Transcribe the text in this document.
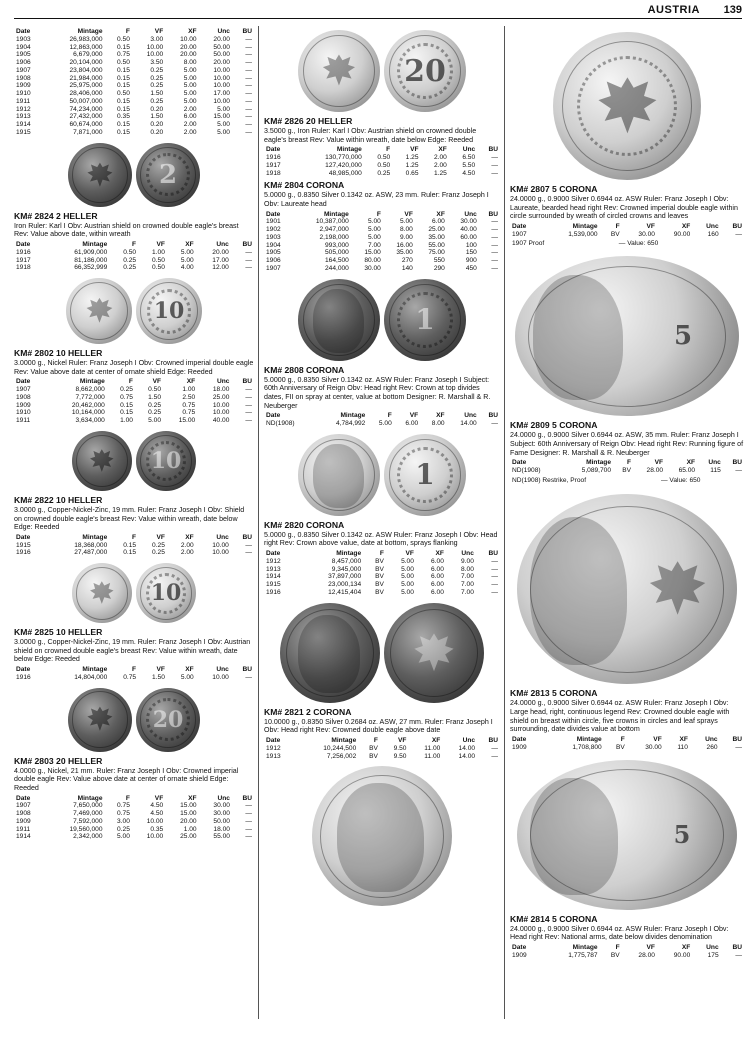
AUSTRIA 139
Date	Mintage	F	VF	XF	Unc	BU
1903	26,983,000	0.50	3.00	10.00	20.00	—
1904	12,863,000	0.15	10.00	20.00	50.00	—
1905	6,679,000	0.75	10.00	20.00	50.00	—
1906	20,104,000	0.50	3.50	8.00	20.00	—
1907	23,804,000	0.15	0.25	5.00	10.00	—
1908	21,984,000	0.15	0.25	5.00	10.00	—
1909	25,975,000	0.15	0.25	5.00	10.00	—
1910	28,406,000	0.50	1.50	5.00	17.00	—
1911	50,007,000	0.15	0.25	5.00	10.00	—
1912	74,234,000	0.15	0.20	2.00	5.00	—
1913	27,432,000	0.35	1.50	6.00	15.00	—
1914	60,674,000	0.15	0.20	2.00	5.00	—
1915	7,871,000	0.15	0.20	2.00	5.00	—
2
KM# 2824 2 HELLER
Iron Ruler: Karl I Obv: Austrian shield on crowned double eagle's breast Rev: Value above date, within wreath
Date	Mintage	F	VF	XF	Unc	BU
1916	61,909,000	0.50	1.00	5.00	20.00	—
1917	81,186,000	0.25	0.50	5.00	17.00	—
1918	66,352,999	0.25	0.50	4.00	12.00	—
10
KM# 2802 10 HELLER
3.0000 g., Nickel Ruler: Franz Joseph I Obv: Crowned imperial double eagle Rev: Value above date at center of ornate shield Edge: Reeded
Date	Mintage	F	VF	XF	Unc	BU
1907	8,662,000	0.25	0.50	1.00	18.00	—
1908	7,772,000	0.75	1.50	2.50	25.00	—
1909	20,462,000	0.15	0.25	0.75	10.00	—
1910	10,164,000	0.15	0.25	0.75	10.00	—
1911	3,634,000	1.00	5.00	15.00	40.00	—
10
KM# 2822 10 HELLER
3.0000 g., Copper-Nickel-Zinc, 19 mm. Ruler: Franz Joseph I Obv: Shield on crowned double eagle's breast Rev: Value within wreath, date below Edge: Reeded
Date	Mintage	F	VF	XF	Unc	BU
1915	18,368,000	0.15	0.25	2.00	10.00	—
1916	27,487,000	0.15	0.25	2.00	10.00	—
10
KM# 2825 10 HELLER
3.0000 g., Copper-Nickel-Zinc, 19 mm. Ruler: Franz Joseph I Obv: Austrian shield on crowned double eagle's breast Rev: Value within wreath, date below Edge: Reeded
Date	Mintage	F	VF	XF	Unc	BU
1916	14,804,000	0.75	1.50	5.00	10.00	—
20
KM# 2803 20 HELLER
4.0000 g., Nickel, 21 mm. Ruler: Franz Joseph I Obv: Crowned imperial double eagle Rev: Value above date at center of ornate shield Edge: Reeded
Date	Mintage	F	VF	XF	Unc	BU
1907	7,650,000	0.75	4.50	15.00	30.00	—
1908	7,469,000	0.75	4.50	15.00	30.00	—
1909	7,592,000	3.00	10.00	20.00	50.00	—
1911	19,560,000	0.25	0.35	1.00	18.00	—
1914	2,342,000	5.00	10.00	25.00	55.00	—
20
KM# 2826 20 HELLER
3.5000 g., Iron Ruler: Karl I Obv: Austrian shield on crowned double eagle's breast Rev: Value within wreath, date below Edge: Reeded
Date	Mintage	F	VF	XF	Unc	BU
1916	130,770,000	0.50	1.25	2.00	6.50	—
1917	127,420,000	0.50	1.25	2.00	5.50	—
1918	48,985,000	0.25	0.65	1.25	4.50	—
KM# 2804 CORONA
5.0000 g., 0.8350 Silver 0.1342 oz. ASW, 23 mm. Ruler: Franz Joseph I Obv: Laureate head
Date	Mintage	F	VF	XF	Unc	BU
1901	10,387,000	5.00	5.00	6.00	30.00	—
1902	2,947,000	5.00	8.00	25.00	40.00	—
1903	2,198,000	5.00	9.00	35.00	60.00	—
1904	993,000	7.00	16.00	55.00	100	—
1905	505,000	15.00	35.00	75.00	150	—
1906	164,500	80.00	270	550	900	—
1907	244,000	30.00	140	290	450	—
1
KM# 2808 CORONA
5.0000 g., 0.8350 Silver 0.1342 oz. ASW Ruler: Franz Joseph I Subject: 60th Anniversary of Reign Obv: Head right Rev: Crown at top divides dates, FII on spray at center, value at bottom Designer: R. Marshall & R. Neuberger
Date	Mintage	F	VF	XF	Unc	BU
ND(1908)	4,784,992	5.00	6.00	8.00	14.00	—
1
KM# 2820 CORONA
5.0000 g., 0.8350 Silver 0.1342 oz. ASW Ruler: Franz Joseph I Obv: Head right Rev: Crown above value, date at bottom, sprays flanking
Date	Mintage	F	VF	XF	Unc	BU
1912	8,457,000	BV	5.00	6.00	9.00	—
1913	9,345,000	BV	5.00	6.00	8.00	—
1914	37,897,000	BV	5.00	6.00	7.00	—
1915	23,000,134	BV	5.00	6.00	7.00	—
1916	12,415,404	BV	5.00	6.00	7.00	—
KM# 2821 2 CORONA
10.0000 g., 0.8350 Silver 0.2684 oz. ASW, 27 mm. Ruler: Franz Joseph I Obv: Head right Rev: Crowned double eagle above date
Date	Mintage	F	VF	XF	Unc	BU
1912	10,244,500	BV	9.50	11.00	14.00	—
1913	7,256,002	BV	9.50	11.00	14.00	—
KM# 2807 5 CORONA
24.0000 g., 0.9000 Silver 0.6944 oz. ASW Ruler: Franz Joseph I Obv: Laureate, bearded head right Rev: Crowned imperial double eagle within circle surrounded by wreath of circled crowns and leaves
Date	Mintage	F	VF	XF	Unc	BU
1907	1,539,000	BV	30.00	90.00	160	—
1907 Proof	— Value: 650
5
KM# 2809 5 CORONA
24.0000 g., 0.9000 Silver 0.6944 oz. ASW, 35 mm. Ruler: Franz Joseph I Subject: 60th Anniversary of Reign Obv: Head right Rev: Running figure of Fame Designer: R. Marshall & R. Neuberger
Date	Mintage	F	VF	XF	Unc	BU
ND(1908)	5,089,700	BV	28.00	65.00	115	—
ND(1908) Restrike, Proof	— Value: 650
KM# 2813 5 CORONA
24.0000 g., 0.9000 Silver 0.6944 oz. ASW Ruler: Franz Joseph I Obv: Large head, right, continuous legend Rev: Crowned double eagle with shield on breast within circle, five crowns in circles and leaf sprays surrounding, date divides value at bottom
Date	Mintage	F	VF	XF	Unc	BU
1909	1,708,800	BV	30.00	110	260	—
5
KM# 2814 5 CORONA
24.0000 g., 0.9000 Silver 0.6944 oz. ASW Ruler: Franz Joseph I Obv: Head right Rev: National arms, date below divides denomination
Date	Mintage	F	VF	XF	Unc	BU
1909	1,775,787	BV	28.00	90.00	175	—
